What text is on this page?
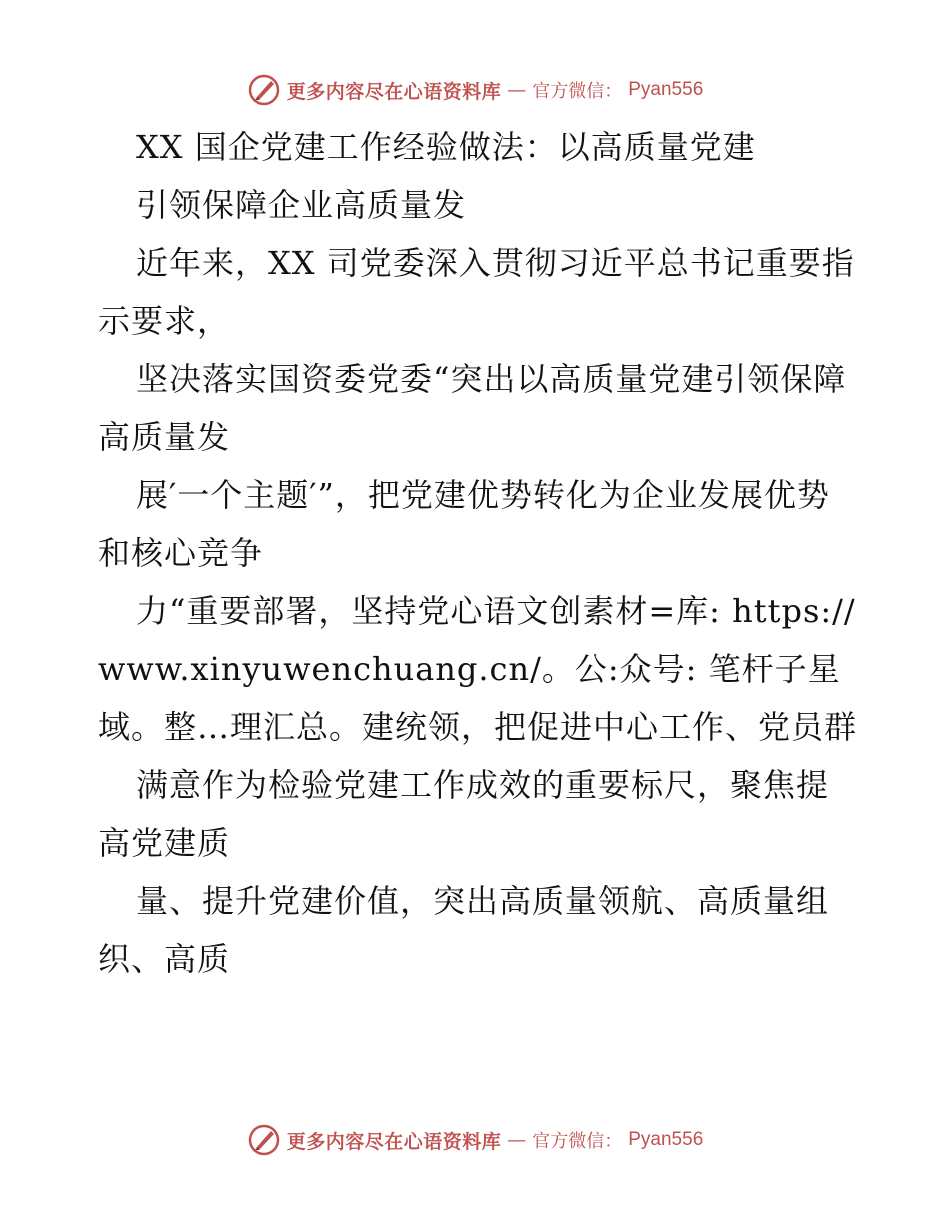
更多内容尽在心语资料库 — 官方微信： Pyan556

XX 国企党建工作经验做法：以高质量党建

引领保障企业高质量发

近年来，XX 司党委深入贯彻习近平总书记重要指示要求，

坚决落实国资委党委“突出以高质量党建引领保障高质量发

展′一个主题′”，把党建优势转化为企业发展优势和核心竞争

力“重要部署，坚持党心语文创素材=库: https://www.xinyuwenchuang.cn/。公:众号: 笔杆子星域。整…理汇总。建统领，把促进中心工作、党员群

满意作为检验党建工作成效的重要标尺，聚焦提高党建质

量、提升党建价值，突出高质量领航、高质量组织、高质

更多内容尽在心语资料库 — 官方微信： Pyan556
